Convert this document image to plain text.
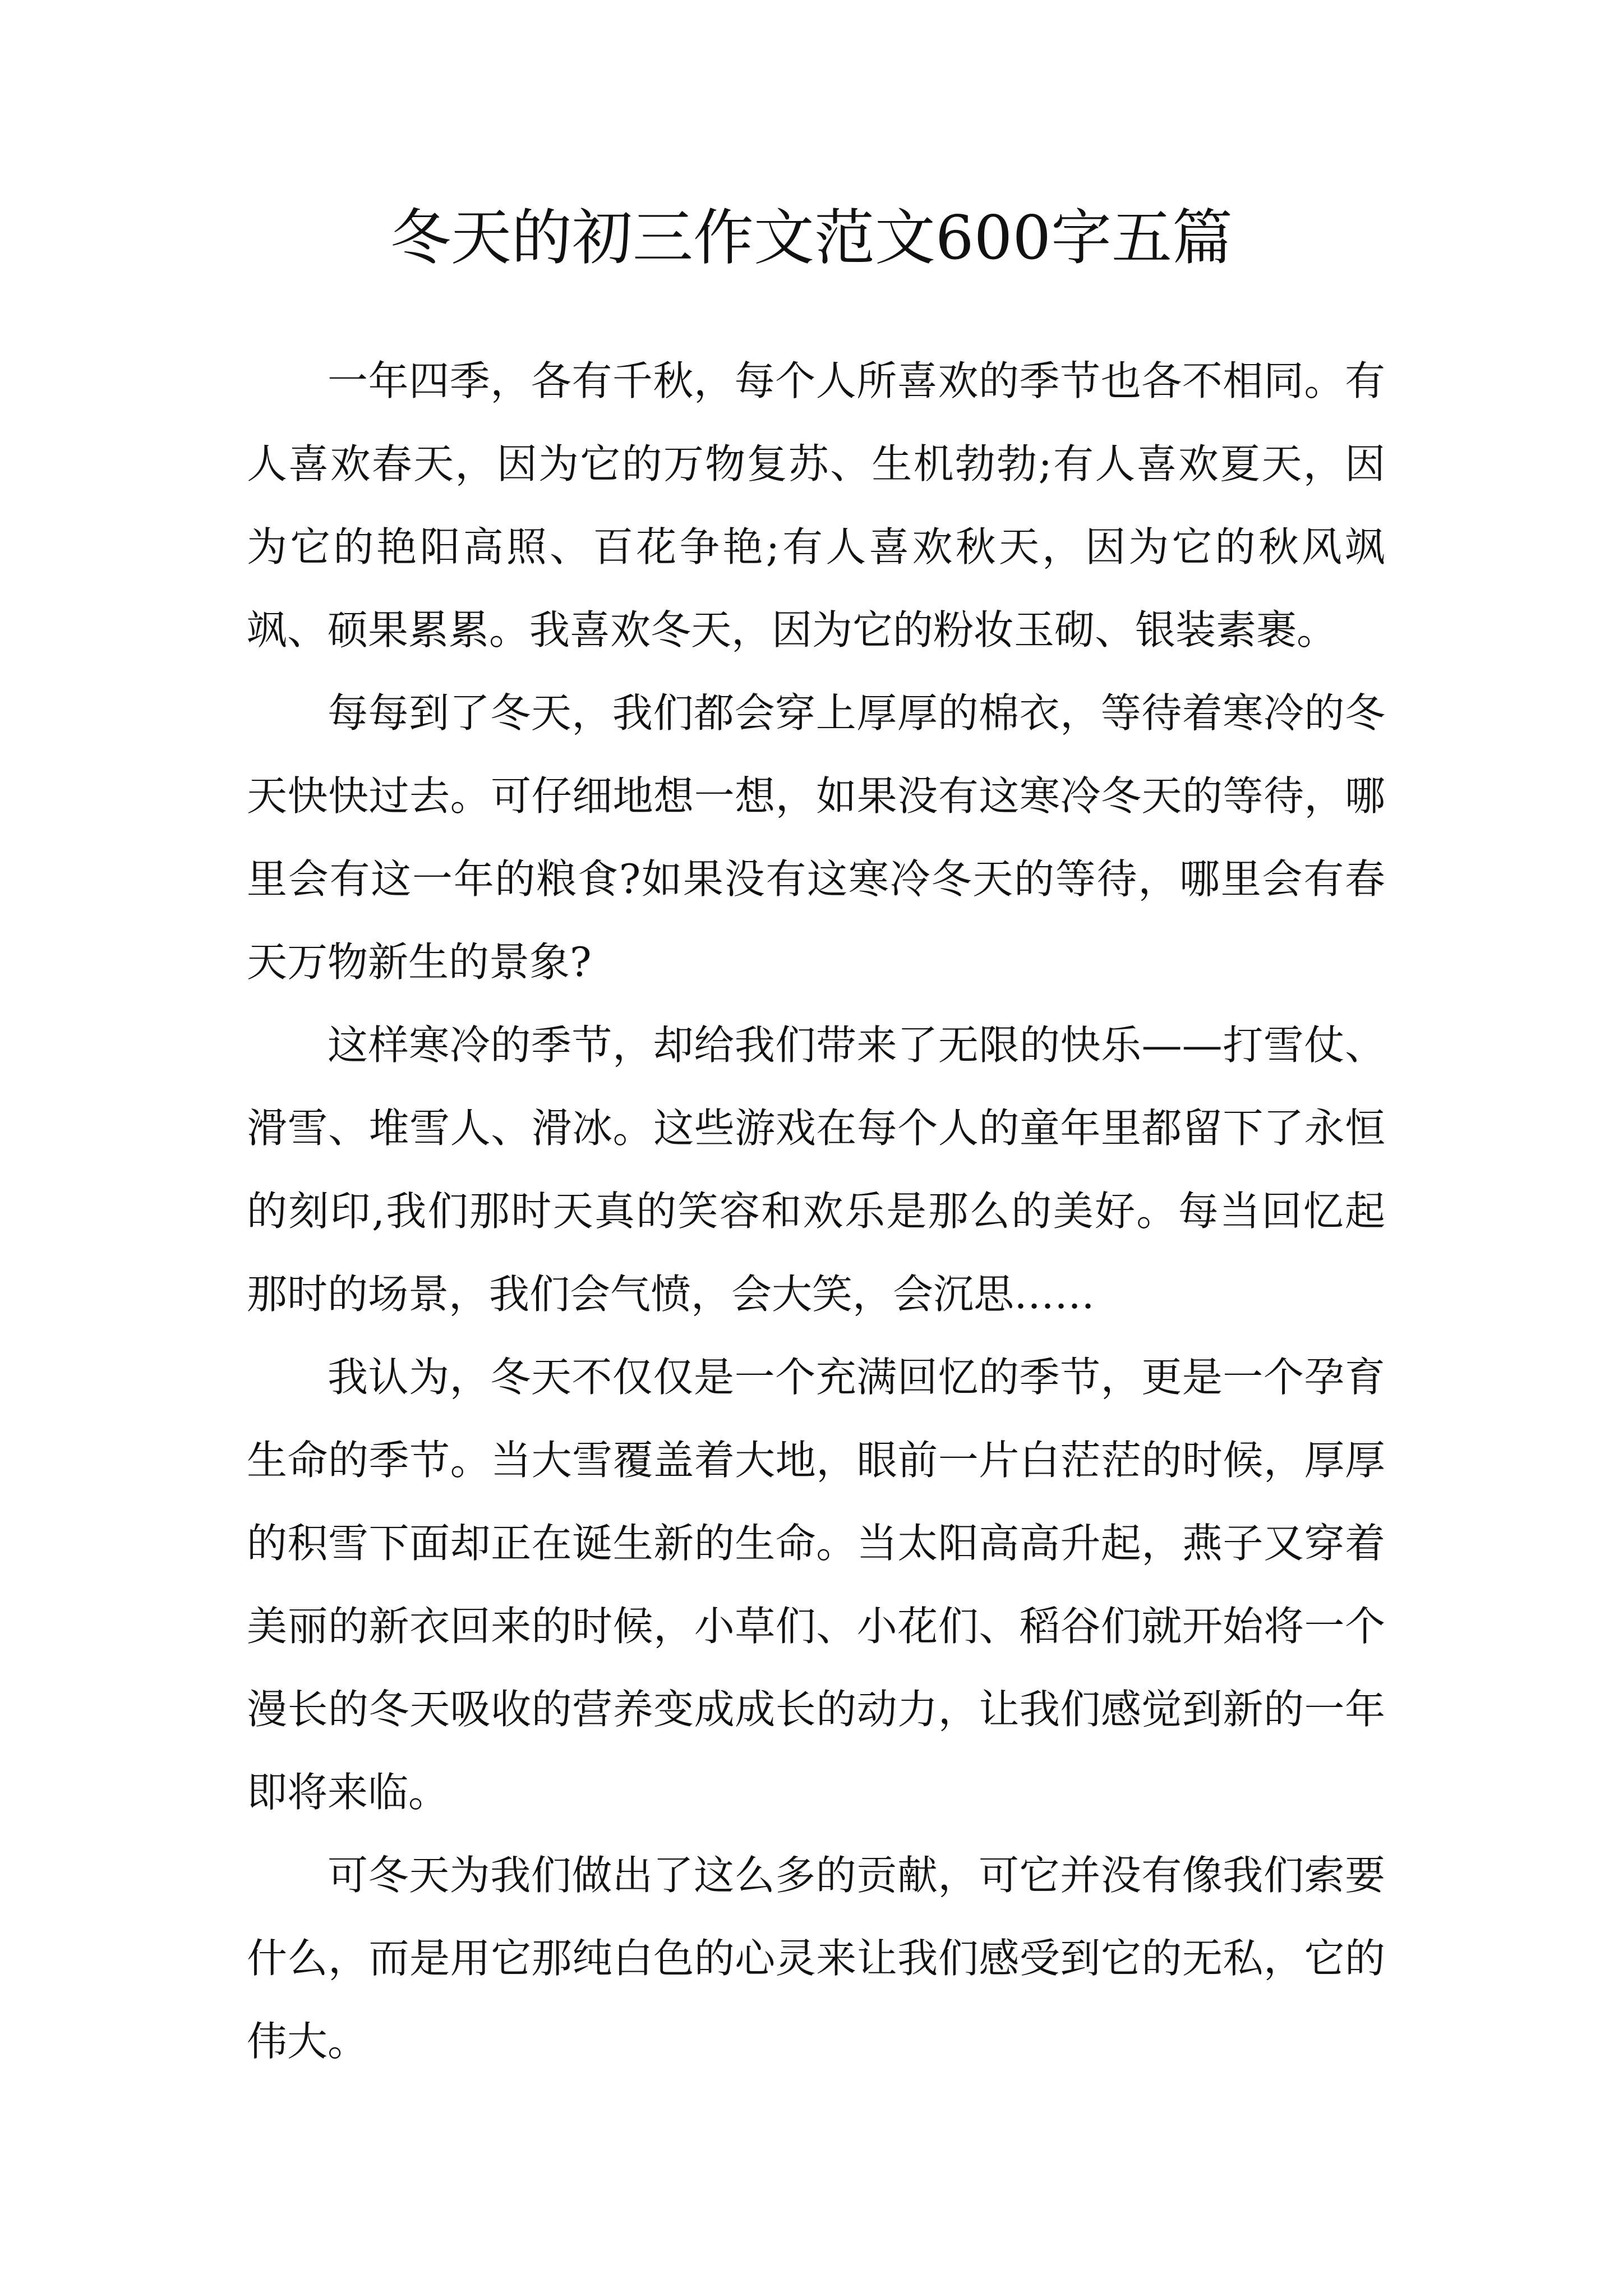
冬天的初三作文范文600字五篇

一年四季，各有千秋，每个人所喜欢的季节也各不相同。有人喜欢春天，因为它的万物复苏、生机勃勃;有人喜欢夏天，因为它的艳阳高照、百花争艳;有人喜欢秋天，因为它的秋风飒飒、硕果累累。我喜欢冬天，因为它的粉妆玉砌、银装素裹。

每每到了冬天，我们都会穿上厚厚的棉衣，等待着寒冷的冬天快快过去。可仔细地想一想，如果没有这寒冷冬天的等待，哪里会有这一年的粮食?如果没有这寒冷冬天的等待，哪里会有春天万物新生的景象?

这样寒冷的季节，却给我们带来了无限的快乐——打雪仗、滑雪、堆雪人、滑冰。这些游戏在每个人的童年里都留下了永恒的刻印,我们那时天真的笑容和欢乐是那么的美好。每当回忆起那时的场景，我们会气愤，会大笑，会沉思……

我认为，冬天不仅仅是一个充满回忆的季节，更是一个孕育生命的季节。当大雪覆盖着大地，眼前一片白茫茫的时候，厚厚的积雪下面却正在诞生新的生命。当太阳高高升起，燕子又穿着美丽的新衣回来的时候，小草们、小花们、稻谷们就开始将一个漫长的冬天吸收的营养变成成长的动力，让我们感觉到新的一年即将来临。

可冬天为我们做出了这么多的贡献，可它并没有像我们索要什么，而是用它那纯白色的心灵来让我们感受到它的无私，它的伟大。
